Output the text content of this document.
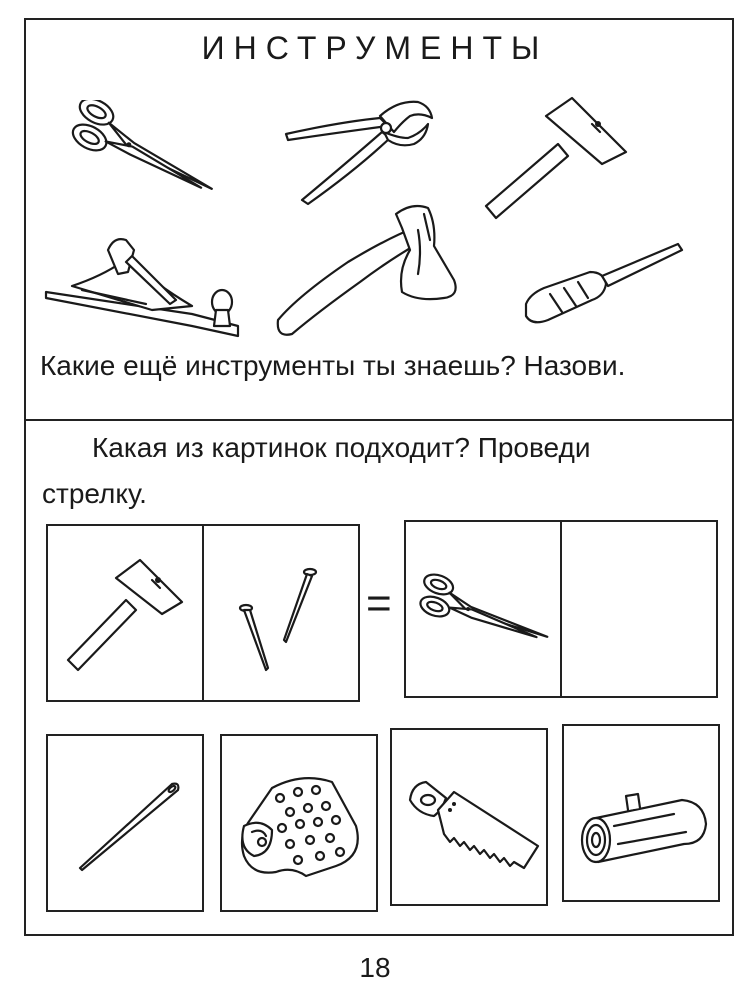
ИНСТРУМЕНТЫ
Какие ещё инструменты ты знаешь? Назови.
Какая из картинок подходит? Проведи
стрелку.
=
18
